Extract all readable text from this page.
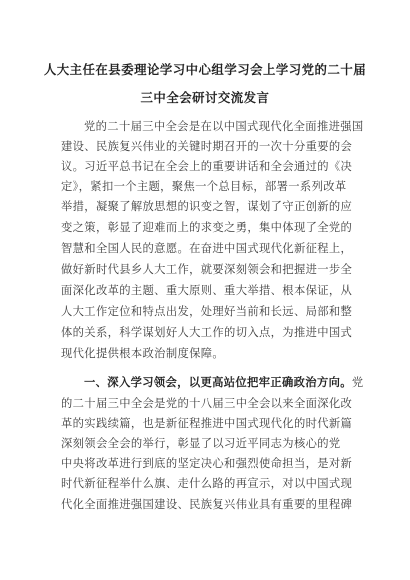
人大主任在县委理论学习中心组学习会上学习党的二十届
三中全会研讨交流发言
党的二十届三中全会是在以中国式现代化全面推进强国
建设、民族复兴伟业的关键时期召开的一次十分重要的会
议。习近平总书记在全会上的重要讲话和全会通过的《决
定》，紧扣一个主题，聚焦一个总目标，部署一系列改革
举措，凝聚了解放思想的识变之智，谋划了守正创新的应
变之策，彰显了迎难而上的求变之勇，集中体现了全党的
智慧和全国人民的意愿。在奋进中国式现代化新征程上，
做好新时代县乡人大工作，就要深刻领会和把握进一步全
面深化改革的主题、重大原则、重大举措、根本保证，从
人大工作定位和特点出发，处理好当前和长远、局部和整
体的关系，科学谋划好人大工作的切入点，为推进中国式
现代化提供根本政治制度保障。
一、深入学习领会，以更高站位把牢正确政治方向。党
的二十届三中全会是党的十八届三中全会以来全面深化改
革的实践续篇，也是新征程推进中国式现代化的时代新篇
深刻领会全会的举行，彰显了以习近平同志为核心的党
中央将改革进行到底的坚定决心和强烈使命担当，是对新
时代新征程举什么旗、走什么路的再宣示，对以中国式现
代化全面推进强国建设、民族复兴伟业具有重要的里程碑
